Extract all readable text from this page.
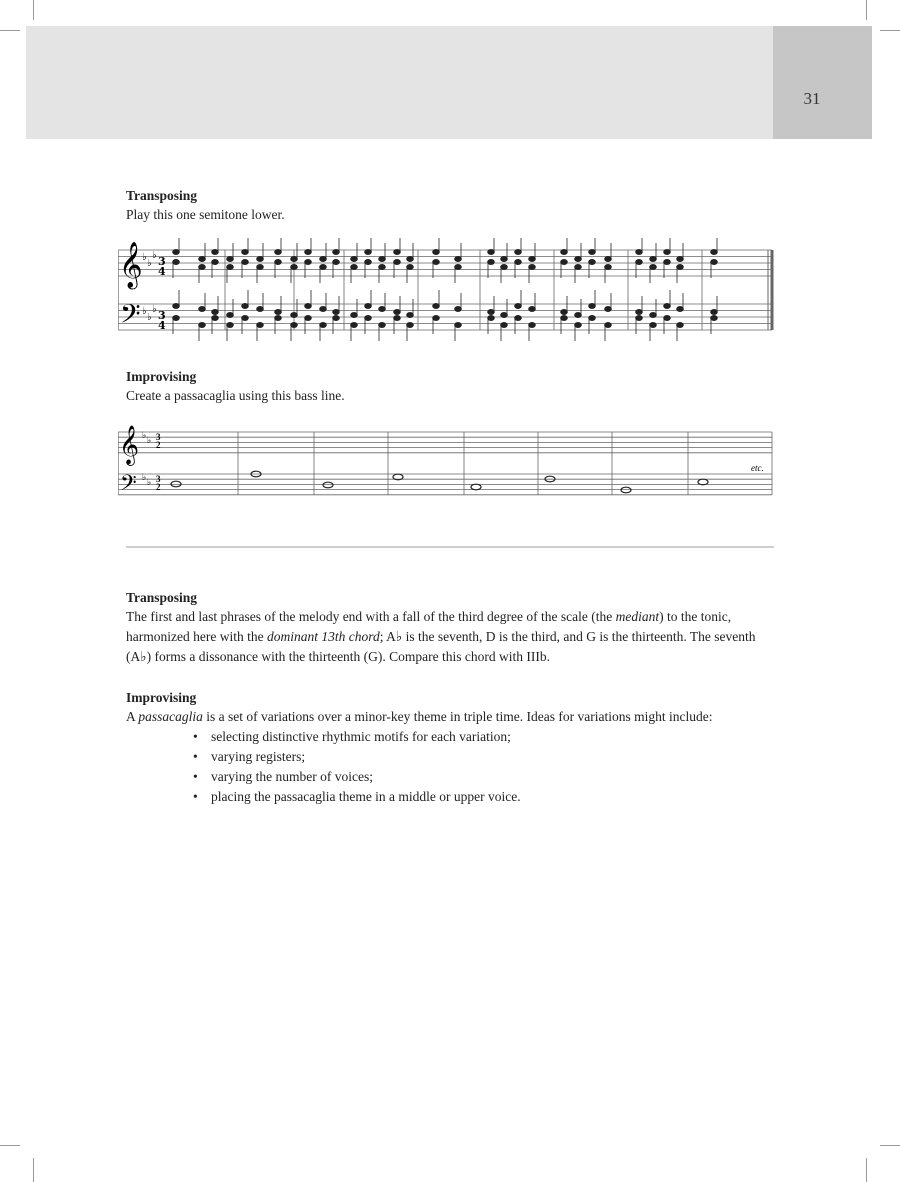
31
Transposing
Play this one semitone lower.
𝄞
𝄢
3
4
3
4
♭
♭
♭
♭
♭
♭
Improvising
Create a passacaglia using this bass line.
𝄞
𝄢
3
2
3
2
♭ ♭
♭ ♭
etc.
Transposing
The first and last phrases of the melody end with a fall of the third degree of the scale (the mediant) to the tonic, harmonized here with the dominant 13th chord; A♭ is the seventh, D is the third, and G is the thirteenth. The seventh (A♭) forms a dissonance with the thirteenth (G). Compare this chord with IIIb.
Improvising
A passacaglia is a set of variations over a minor-key theme in triple time. Ideas for variations might include:
• selecting distinctive rhythmic motifs for each variation;
• varying registers;
• varying the number of voices;
• placing the passacaglia theme in a middle or upper voice.
